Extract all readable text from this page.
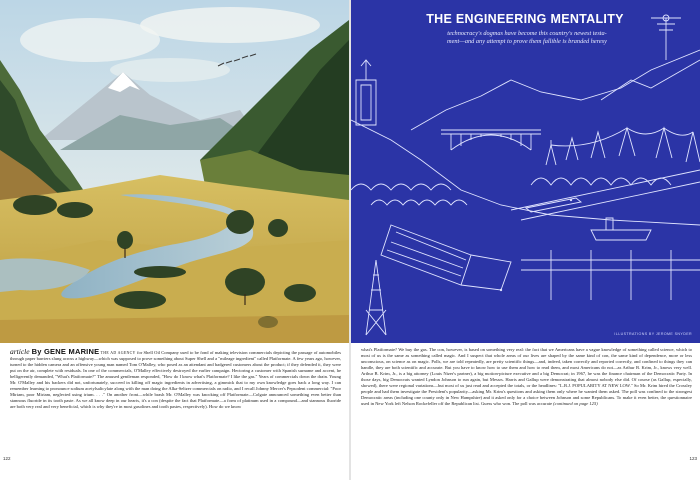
THE ENGINEERING MENTALITY
technocracy's dogmas have become this country's newest testa-
ment—and any attempt to prove them fallible is branded heresy
ILLUSTRATIONS BY JEROME SNYDER
article By GENE MARINE THE AD AGENCY for Shell Oil Company used to be fond of making television commercials depicting the passage of automobiles through paper barriers slung across a highway—which was supposed to prove something about Super Shell and a "mileage ingredient" called Platformate. A few years ago, however, turned to the hidden camera and an offensive young man named Tom O'Malley, who posed as an attendant and badgered customers about the product; if they defended it, they were put on the air, complete with residuals. In one of the commercials, O'Malley effectively destroyed the earlier campaign. Hectoring a customer with Spanish surname and accent, he belligerently demanded, "What's Platformate?" The amused gentleman responded, "How do I know what's Platformate? I like the gas." Years of commercials down the drain. Young Mr. O'Malley and his backers did not, unfortunately, succeed in killing off magic ingredients in advertising, a gimmick that to my own knowledge goes back a long way. I can remember learning to pronounce sodium acetylsalicylate along with the man doing the Alka-Seltzer commercials on radio, and I recall Johnny Mercer's Pepsodent commercial: "Poor Miriam, poor Miriam, neglected using irium. . . ." On another front—while brash Mr. O'Malley was knocking off Platformate—Colgate announced something even better than stannous fluoride in its tooth paste. As we all know deep in our hearts, it's a con (despite the fact that Platformate—a form of platinum used in a compound—and stannous fluoride are both very real and very beneficial, which is why they're in most gasolines and tooth pastes, respectively). How do we know
what's Platformate? We buy the gas. The con, however, is based on something very real: the fact that we Americans have a vague knowledge of something called science, which to most of us is the same as something called magic. And I suspect that whole areas of our lives are shaped by the same kind of con, the same kind of dependence, more or less unconscious, on science as on magic. Polls, we are told repeatedly, are pretty scientific things—and, indeed, taken correctly and reported correctly, and confined to things they can handle, they are both scientific and accurate. But you have to know how to use them and how to read them, and most Americans do not—as Arthur B. Krim, Jr., knows very well. Arthur B. Krim, Jr., is a big attorney (Louis Nizer's partner), a big motion-picture executive and a big Democrat; in 1967, he was the finance chairman of the Democratic Party. In those days, big Democrats wanted Lyndon Johnson to run again, but Messrs. Harris and Gallup were demonstrating that almost nobody else did. Of course (as Gallup, especially, showed), there were regional variations—but most of us just read and accepted the totals, or the headlines: "L.B.J. POPULARITY AT NEW LOW." So Mr. Krim hired the Crossley people and had them investigate the President's popularity—asking Mr. Krim's questions and asking them only where he wanted them asked. The poll was confined to the strongest Democratic areas (including one county only in New Hampshire) and it asked only for a choice between Johnson and some Republicans. To make it even better, the questionnaire used in New York left Nelson Rockefeller off the Republican list. Guess who won. The poll was accurate (continued on page 125)
122	123
